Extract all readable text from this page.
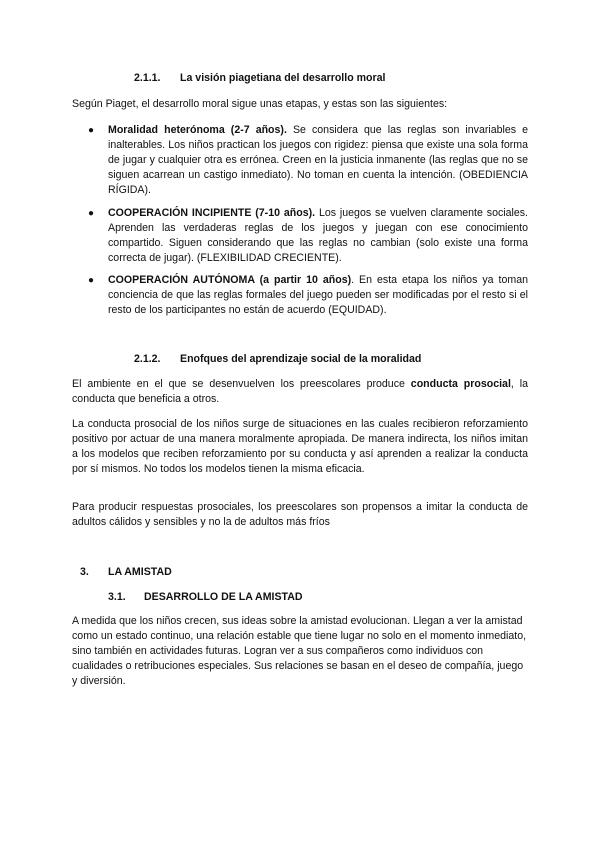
2.1.1. La visión piagetiana del desarrollo moral

Según Piaget, el desarrollo moral sigue unas etapas, y estas son las siguientes:

● Moralidad heterónoma (2-7 años). Se considera que las reglas son invariables e inalterables. Los niños practican los juegos con rigidez: piensa que existe una sola forma de jugar y cualquier otra es errónea. Creen en la justicia inmanente (las reglas que no se siguen acarrean un castigo inmediato). No toman en cuenta la intención. (OBEDIENCIA RÍGIDA).
● COOPERACIÓN INCIPIENTE (7-10 años). Los juegos se vuelven claramente sociales. Aprenden las verdaderas reglas de los juegos y juegan con ese conocimiento compartido. Siguen considerando que las reglas no cambian (solo existe una forma correcta de jugar). (FLEXIBILIDAD CRECIENTE).
● COOPERACIÓN AUTÓNOMA (a partir 10 años). En esta etapa los niños ya toman conciencia de que las reglas formales del juego pueden ser modificadas por el resto si el resto de los participantes no están de acuerdo (EQUIDAD).
2.1.2. Enofques del aprendizaje social de la moralidad

El ambiente en el que se desenvuelven los preescolares produce conducta prosocial, la conducta que beneficia a otros.

La conducta prosocial de los niños surge de situaciones en las cuales recibieron reforzamiento positivo por actuar de una manera moralmente apropiada. De manera indirecta, los niños imitan a los modelos que reciben reforzamiento por su conducta y así aprenden a realizar la conducta por sí mismos. No todos los modelos tienen la misma eficacia.

Para producir respuestas prosociales, los preescolares son propensos a imitar la conducta de adultos cálidos y sensibles y no la de adultos más fríos

3. LA AMISTAD
3.1. DESARROLLO DE LA AMISTAD

A medida que los niños crecen, sus ideas sobre la amistad evolucionan. Llegan a ver la amistad como un estado continuo, una relación estable que tiene lugar no solo en el momento inmediato, sino también en actividades futuras. Logran ver a sus compañeros como individuos con cualidades o retribuciones especiales. Sus relaciones se basan en el deseo de compañía, juego y diversión.
